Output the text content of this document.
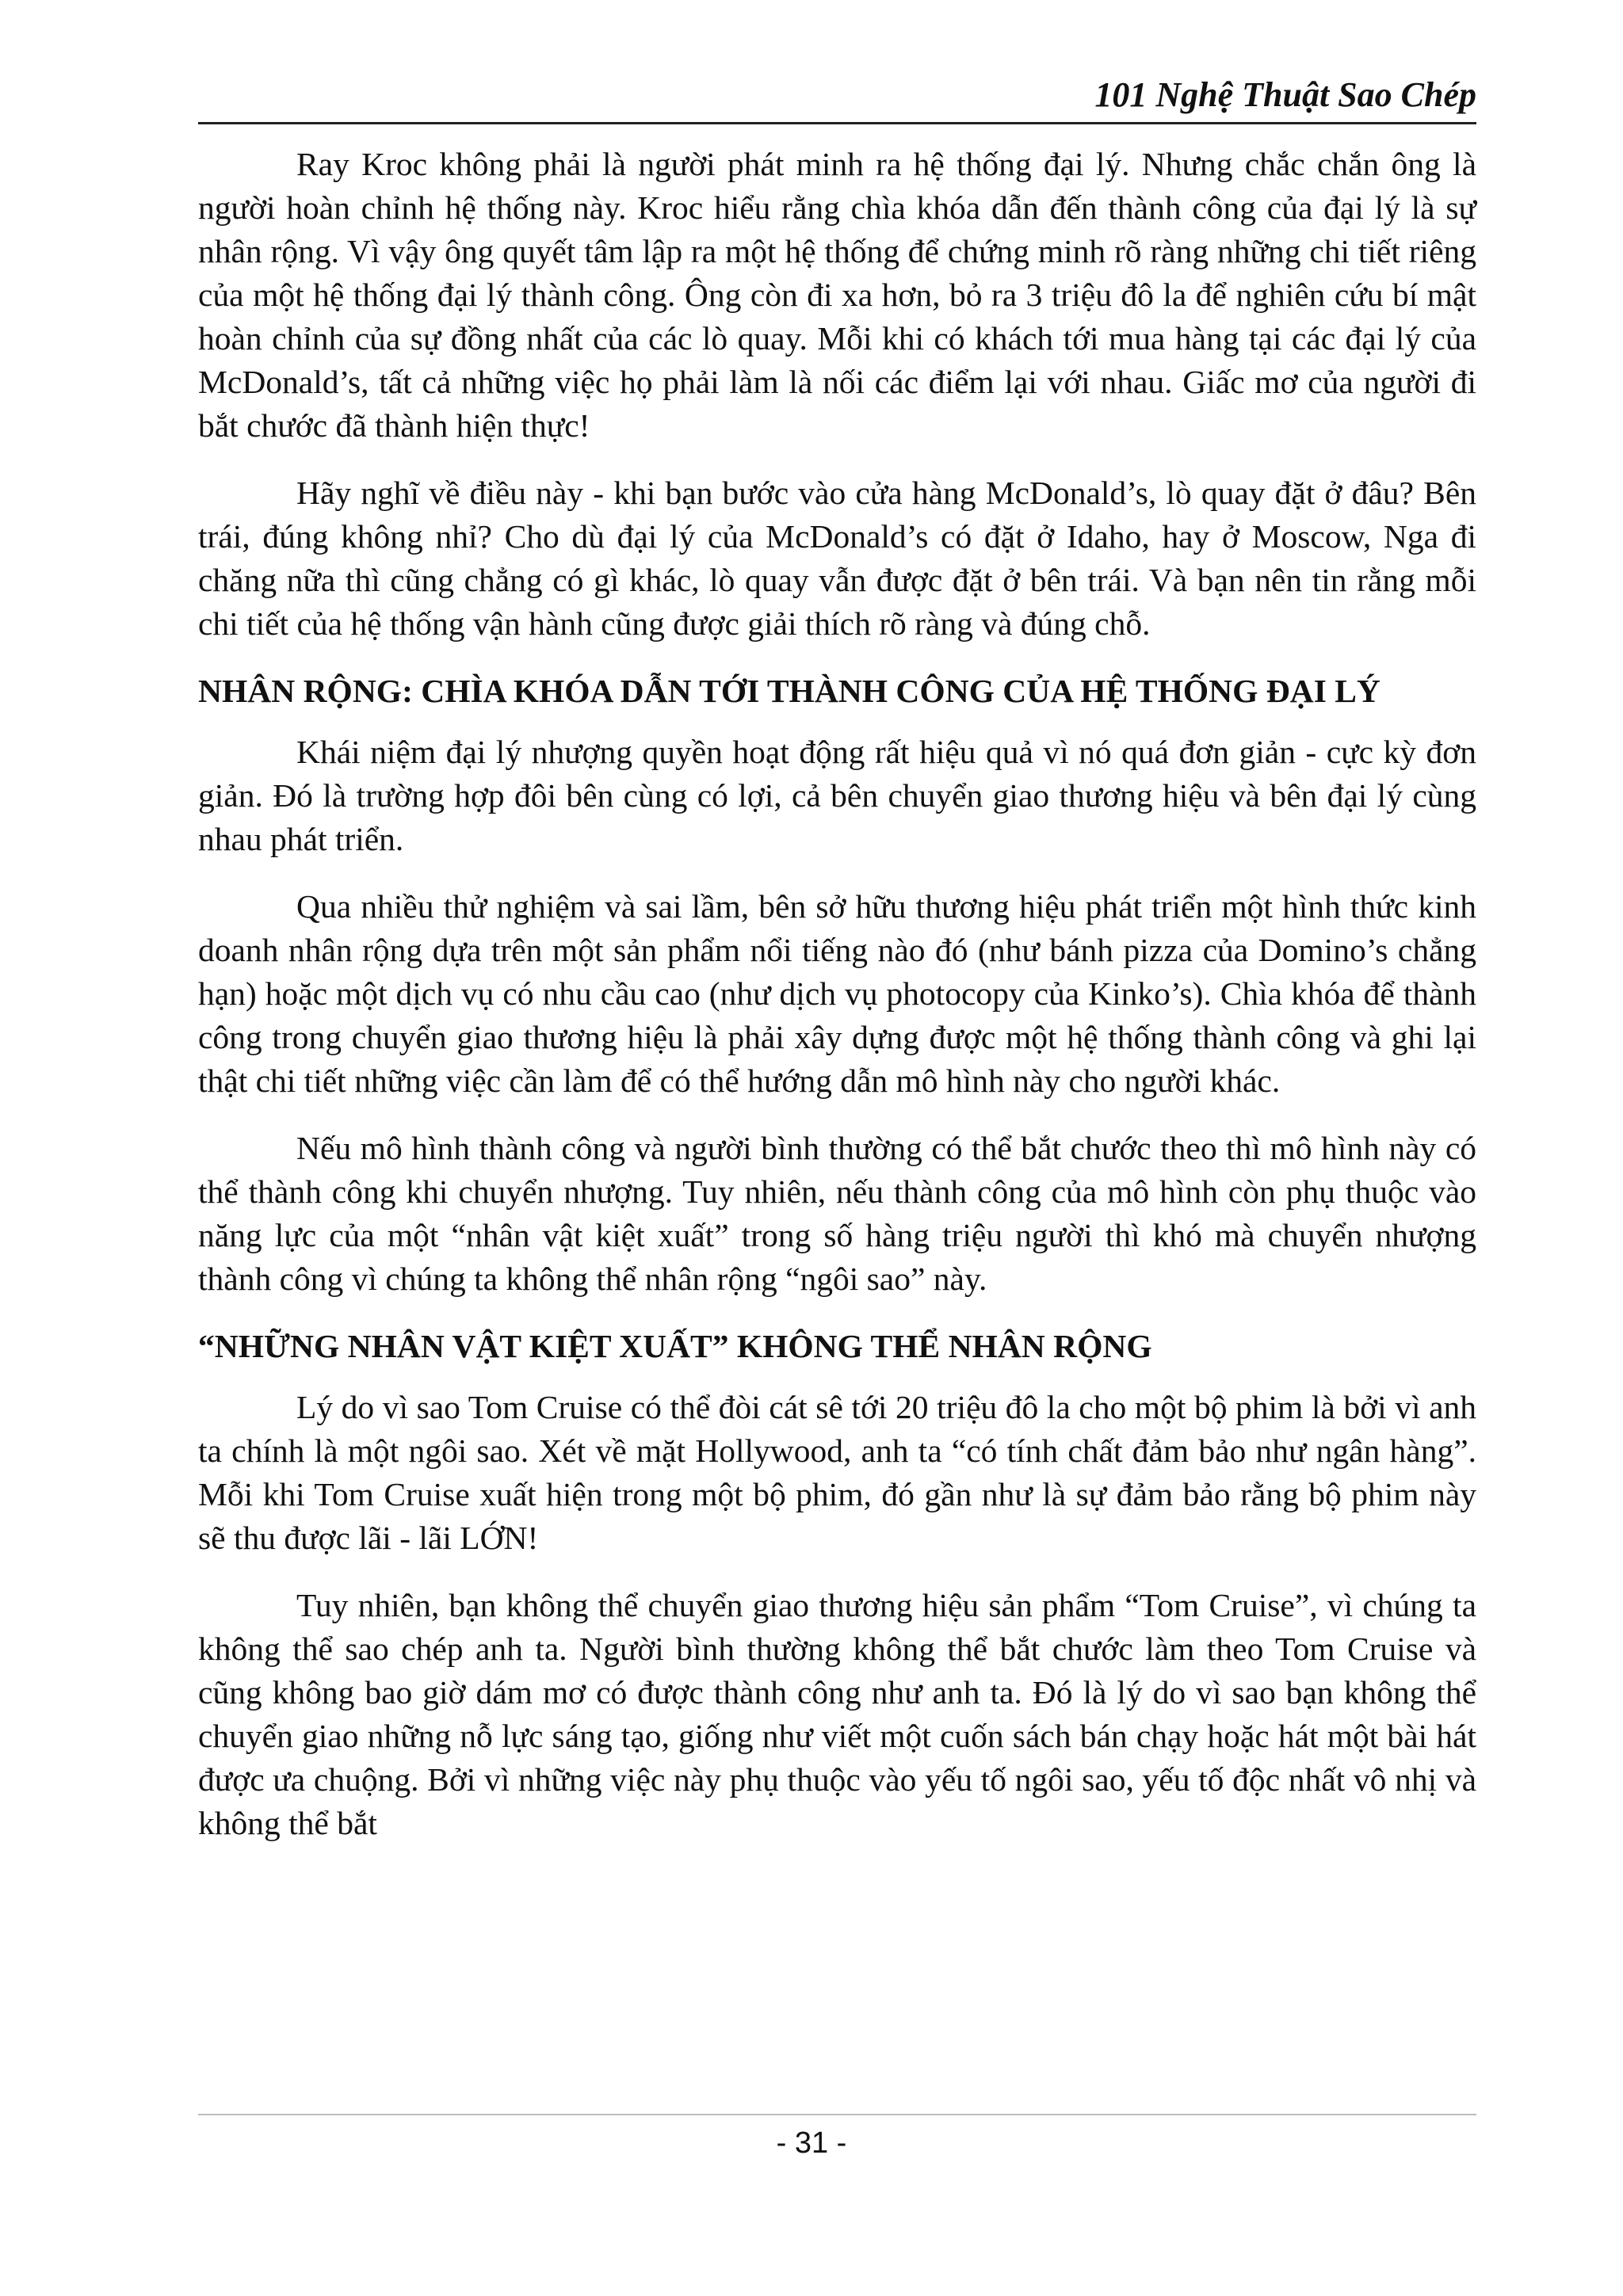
101 Nghệ Thuật Sao Chép

Ray Kroc không phải là người phát minh ra hệ thống đại lý. Nhưng chắc chắn ông là người hoàn chỉnh hệ thống này. Kroc hiểu rằng chìa khóa dẫn đến thành công của đại lý là sự nhân rộng. Vì vậy ông quyết tâm lập ra một hệ thống để chứng minh rõ ràng những chi tiết riêng của một hệ thống đại lý thành công. Ông còn đi xa hơn, bỏ ra 3 triệu đô la để nghiên cứu bí mật hoàn chỉnh của sự đồng nhất của các lò quay. Mỗi khi có khách tới mua hàng tại các đại lý của McDonald’s, tất cả những việc họ phải làm là nối các điểm lại với nhau. Giấc mơ của người đi bắt chước đã thành hiện thực!

Hãy nghĩ về điều này - khi bạn bước vào cửa hàng McDonald’s, lò quay đặt ở đâu? Bên trái, đúng không nhỉ? Cho dù đại lý của McDonald’s có đặt ở Idaho, hay ở Moscow, Nga đi chăng nữa thì cũng chẳng có gì khác, lò quay vẫn được đặt ở bên trái. Và bạn nên tin rằng mỗi chi tiết của hệ thống vận hành cũng được giải thích rõ ràng và đúng chỗ.

NHÂN RỘNG: CHÌA KHÓA DẪN TỚI THÀNH CÔNG CỦA HỆ THỐNG ĐẠI LÝ

Khái niệm đại lý nhượng quyền hoạt động rất hiệu quả vì nó quá đơn giản - cực kỳ đơn giản. Đó là trường hợp đôi bên cùng có lợi, cả bên chuyển giao thương hiệu và bên đại lý cùng nhau phát triển.

Qua nhiều thử nghiệm và sai lầm, bên sở hữu thương hiệu phát triển một hình thức kinh doanh nhân rộng dựa trên một sản phẩm nổi tiếng nào đó (như bánh pizza của Domino’s chẳng hạn) hoặc một dịch vụ có nhu cầu cao (như dịch vụ photocopy của Kinko’s). Chìa khóa để thành công trong chuyển giao thương hiệu là phải xây dựng được một hệ thống thành công và ghi lại thật chi tiết những việc cần làm để có thể hướng dẫn mô hình này cho người khác.

Nếu mô hình thành công và người bình thường có thể bắt chước theo thì mô hình này có thể thành công khi chuyển nhượng. Tuy nhiên, nếu thành công của mô hình còn phụ thuộc vào năng lực của một “nhân vật kiệt xuất” trong số hàng triệu người thì khó mà chuyển nhượng thành công vì chúng ta không thể nhân rộng “ngôi sao” này.

“NHỮNG NHÂN VẬT KIỆT XUẤT” KHÔNG THỂ NHÂN RỘNG

Lý do vì sao Tom Cruise có thể đòi cát sê tới 20 triệu đô la cho một bộ phim là bởi vì anh ta chính là một ngôi sao. Xét về mặt Hollywood, anh ta “có tính chất đảm bảo như ngân hàng”. Mỗi khi Tom Cruise xuất hiện trong một bộ phim, đó gần như là sự đảm bảo rằng bộ phim này sẽ thu được lãi - lãi LỚN!

Tuy nhiên, bạn không thể chuyển giao thương hiệu sản phẩm “Tom Cruise”, vì chúng ta không thể sao chép anh ta. Người bình thường không thể bắt chước làm theo Tom Cruise và cũng không bao giờ dám mơ có được thành công như anh ta. Đó là lý do vì sao bạn không thể chuyển giao những nỗ lực sáng tạo, giống như viết một cuốn sách bán chạy hoặc hát một bài hát được ưa chuộng. Bởi vì những việc này phụ thuộc vào yếu tố ngôi sao, yếu tố độc nhất vô nhị và không thể bắt

- 31 -
